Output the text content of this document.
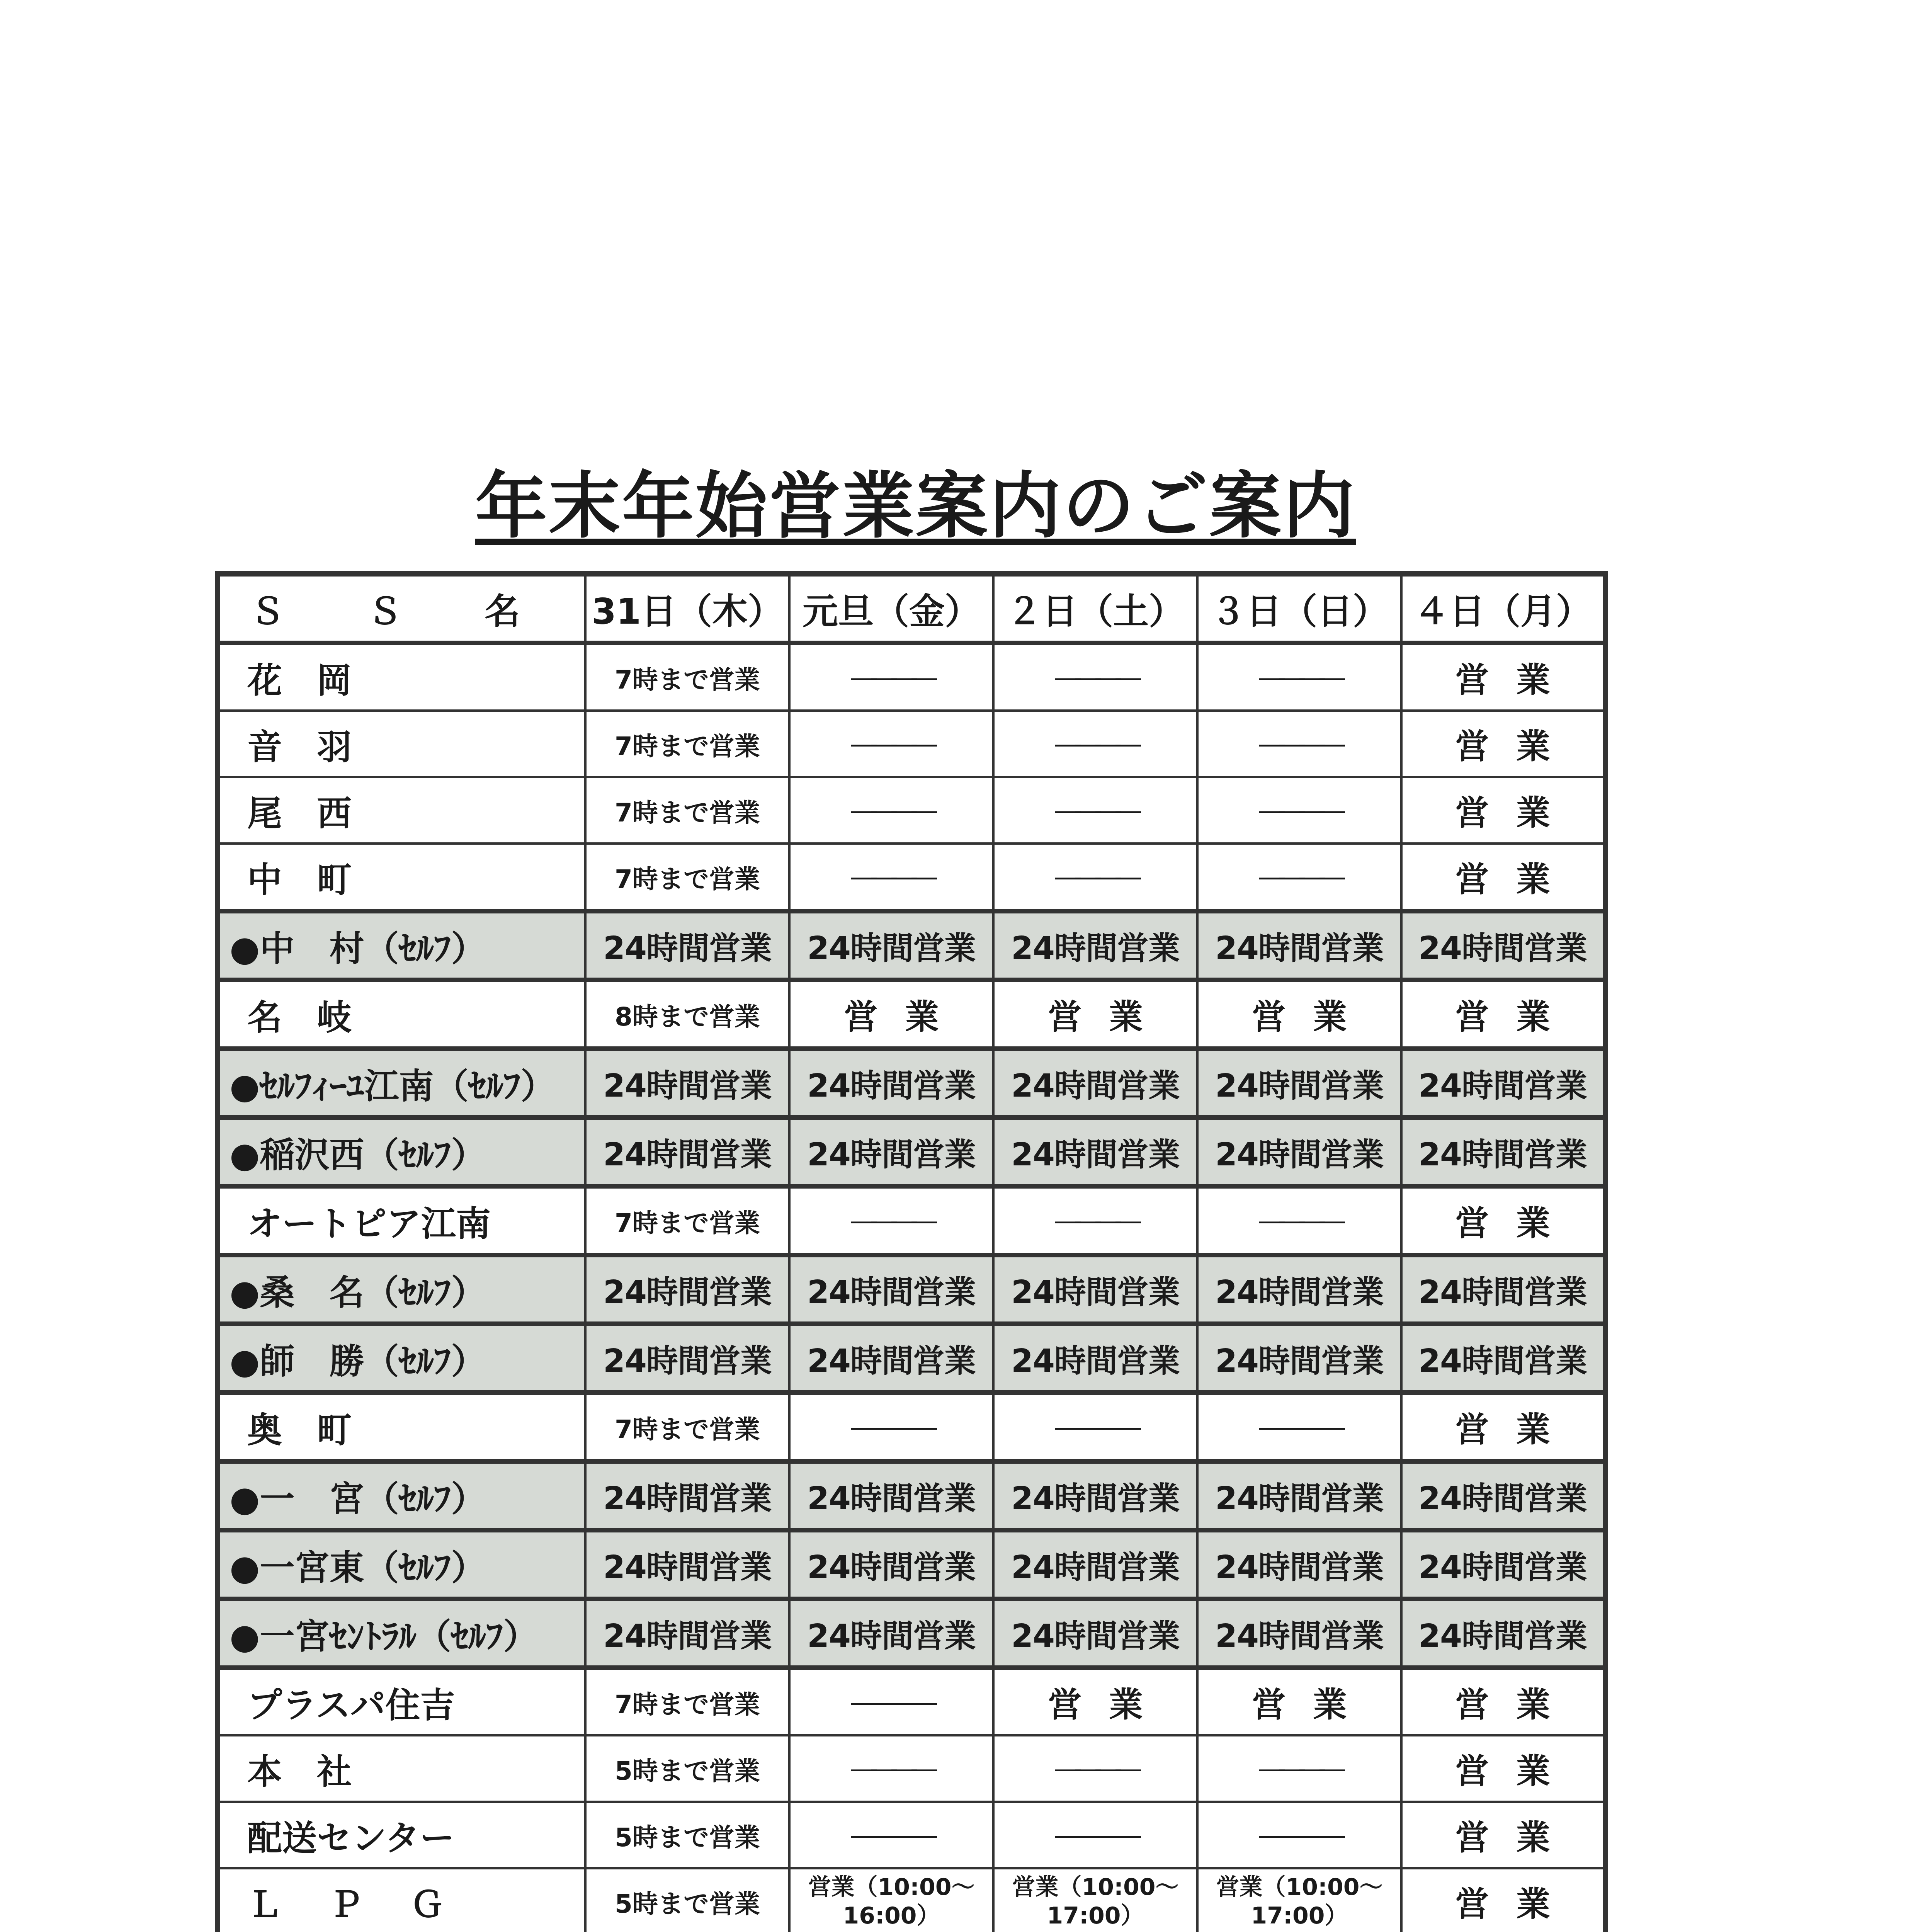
年末年始営業案内のご案内
Ｓ Ｓ 名	31日（木）	元旦（金）	２日（土）	３日（日）	４日（月）
花　岡	7時まで営業	――――	――――	――――	営業
音　羽	7時まで営業	――――	――――	――――	営業
尾　西	7時まで営業	――――	――――	――――	営業
中　町	7時まで営業	――――	――――	――――	営業
●中　村（ｾﾙﾌ）	24時間営業	24時間営業	24時間営業	24時間営業	24時間営業
名　岐	8時まで営業	営業	営業	営業	営業
●ｾﾙﾌｨｰﾕ江南（ｾﾙﾌ）	24時間営業	24時間営業	24時間営業	24時間営業	24時間営業
●稲沢西（ｾﾙﾌ）	24時間営業	24時間営業	24時間営業	24時間営業	24時間営業
オートピア江南	7時まで営業	――――	――――	――――	営業
●桑　名（ｾﾙﾌ）	24時間営業	24時間営業	24時間営業	24時間営業	24時間営業
●師　勝（ｾﾙﾌ）	24時間営業	24時間営業	24時間営業	24時間営業	24時間営業
奥　町	7時まで営業	――――	――――	――――	営業
●一　宮（ｾﾙﾌ）	24時間営業	24時間営業	24時間営業	24時間営業	24時間営業
●一宮東（ｾﾙﾌ）	24時間営業	24時間営業	24時間営業	24時間営業	24時間営業
●一宮ｾﾝﾄﾗﾙ（ｾﾙﾌ）	24時間営業	24時間営業	24時間営業	24時間営業	24時間営業
プラスパ住吉	7時まで営業	――――	営業	営業	営業
本　社	5時まで営業	――――	――――	――――	営業
配送センター	5時まで営業	――――	――――	――――	営業
ＬＰＧ	5時まで営業	営業（10:00～16:00）	営業（10:00～17:00）	営業（10:00～17:00）	営業
